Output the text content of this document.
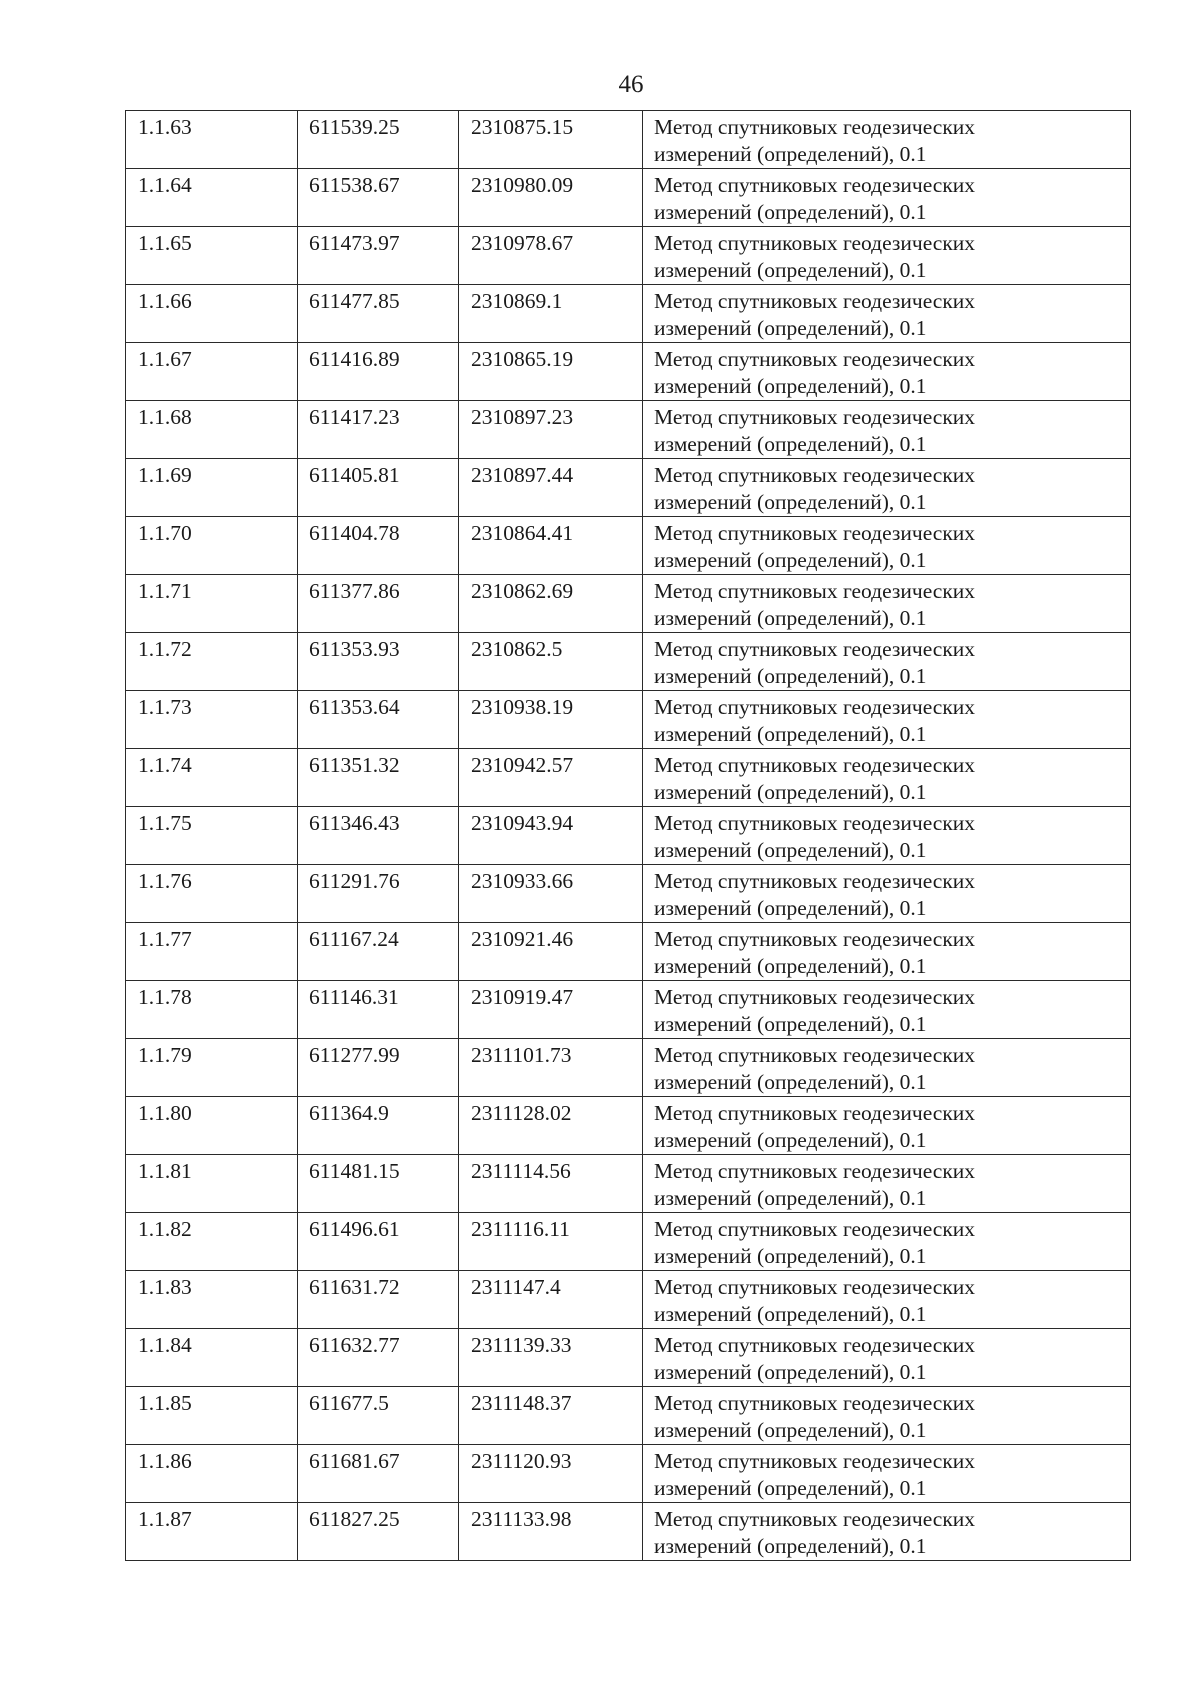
46
1.1.63	611539.25	2310875.15	Метод спутниковых геодезических
измерений (определений), 0.1

1.1.64	611538.67	2310980.09	Метод спутниковых геодезических
измерений (определений), 0.1

1.1.65	611473.97	2310978.67	Метод спутниковых геодезических
измерений (определений), 0.1

1.1.66	611477.85	2310869.1	Метод спутниковых геодезических
измерений (определений), 0.1

1.1.67	611416.89	2310865.19	Метод спутниковых геодезических
измерений (определений), 0.1

1.1.68	611417.23	2310897.23	Метод спутниковых геодезических
измерений (определений), 0.1

1.1.69	611405.81	2310897.44	Метод спутниковых геодезических
измерений (определений), 0.1

1.1.70	611404.78	2310864.41	Метод спутниковых геодезических
измерений (определений), 0.1

1.1.71	611377.86	2310862.69	Метод спутниковых геодезических
измерений (определений), 0.1

1.1.72	611353.93	2310862.5	Метод спутниковых геодезических
измерений (определений), 0.1

1.1.73	611353.64	2310938.19	Метод спутниковых геодезических
измерений (определений), 0.1

1.1.74	611351.32	2310942.57	Метод спутниковых геодезических
измерений (определений), 0.1

1.1.75	611346.43	2310943.94	Метод спутниковых геодезических
измерений (определений), 0.1

1.1.76	611291.76	2310933.66	Метод спутниковых геодезических
измерений (определений), 0.1

1.1.77	611167.24	2310921.46	Метод спутниковых геодезических
измерений (определений), 0.1

1.1.78	611146.31	2310919.47	Метод спутниковых геодезических
измерений (определений), 0.1

1.1.79	611277.99	2311101.73	Метод спутниковых геодезических
измерений (определений), 0.1

1.1.80	611364.9	2311128.02	Метод спутниковых геодезических
измерений (определений), 0.1

1.1.81	611481.15	2311114.56	Метод спутниковых геодезических
измерений (определений), 0.1

1.1.82	611496.61	2311116.11	Метод спутниковых геодезических
измерений (определений), 0.1

1.1.83	611631.72	2311147.4	Метод спутниковых геодезических
измерений (определений), 0.1

1.1.84	611632.77	2311139.33	Метод спутниковых геодезических
измерений (определений), 0.1

1.1.85	611677.5	2311148.37	Метод спутниковых геодезических
измерений (определений), 0.1

1.1.86	611681.67	2311120.93	Метод спутниковых геодезических
измерений (определений), 0.1

1.1.87	611827.25	2311133.98	Метод спутниковых геодезических
измерений (определений), 0.1
